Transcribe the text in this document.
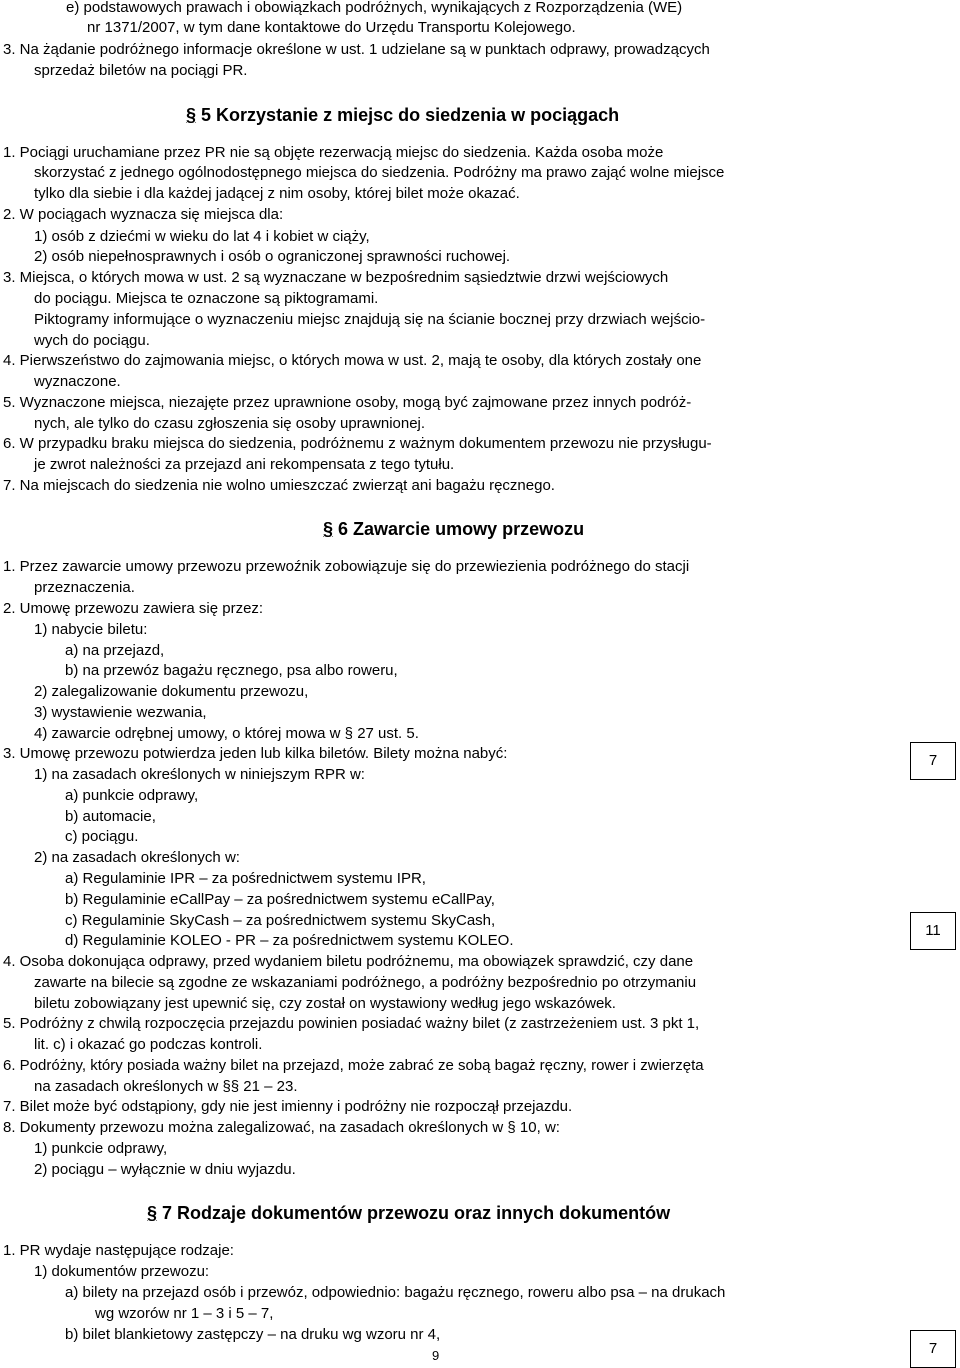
e) podstawowych prawach i obowiązkach podróżnych, wynikających z Rozporządzenia (WE)
nr 1371/2007, w tym dane kontaktowe do Urzędu Transportu Kolejowego.
3. Na żądanie podróżnego informacje określone w ust. 1 udzielane są w punktach odprawy, prowadzących
sprzedaż biletów na pociągi PR.
§ 5 Korzystanie z miejsc do siedzenia w pociągach
1. Pociągi uruchamiane przez PR nie są objęte rezerwacją miejsc do siedzenia. Każda osoba może
skorzystać z jednego ogólnodostępnego miejsca do siedzenia. Podróżny ma prawo zająć wolne miejsce
tylko dla siebie i dla każdej jadącej z nim osoby, której bilet może okazać.
2. W pociągach wyznacza się miejsca dla:
1) osób z dziećmi w wieku do lat 4 i kobiet w ciąży,
2) osób niepełnosprawnych i osób o ograniczonej sprawności ruchowej.
3. Miejsca, o których mowa w ust. 2 są wyznaczane w bezpośrednim sąsiedztwie drzwi wejściowych
do pociągu. Miejsca te oznaczone są piktogramami.
Piktogramy informujące o wyznaczeniu miejsc znajdują się na ścianie bocznej przy drzwiach wejścio-
wych do pociągu.
4. Pierwszeństwo do zajmowania miejsc, o których mowa w ust. 2, mają te osoby, dla których zostały one
wyznaczone.
5. Wyznaczone miejsca, niezajęte przez uprawnione osoby, mogą być zajmowane przez innych podróż-
nych, ale tylko do czasu zgłoszenia się osoby uprawnionej.
6. W przypadku braku miejsca do siedzenia, podróżnemu z ważnym dokumentem przewozu nie przysługu-
je zwrot należności za przejazd ani rekompensata z tego tytułu.
7. Na miejscach do siedzenia nie wolno umieszczać zwierząt ani bagażu ręcznego.
§ 6 Zawarcie umowy przewozu
1. Przez zawarcie umowy przewozu przewoźnik zobowiązuje się do przewiezienia podróżnego do stacji
przeznaczenia.
2. Umowę przewozu zawiera się przez:
1) nabycie biletu:
a) na przejazd,
b) na przewóz bagażu ręcznego, psa albo roweru,
2) zalegalizowanie dokumentu przewozu,
3) wystawienie wezwania,
4) zawarcie odrębnej umowy, o której mowa w § 27 ust. 5.
3. Umowę przewozu potwierdza jeden lub kilka biletów. Bilety można nabyć:
1) na zasadach określonych w niniejszym RPR w:
a) punkcie odprawy,
b) automacie,
c) pociągu.
2) na zasadach określonych w:
a) Regulaminie IPR – za pośrednictwem systemu IPR,
b) Regulaminie eCallPay – za pośrednictwem systemu eCallPay,
c) Regulaminie SkyCash – za pośrednictwem systemu SkyCash,
d) Regulaminie KOLEO - PR – za pośrednictwem systemu KOLEO.
4. Osoba dokonująca odprawy, przed wydaniem biletu podróżnemu, ma obowiązek sprawdzić, czy dane
zawarte na bilecie są zgodne ze wskazaniami podróżnego, a podróżny bezpośrednio po otrzymaniu
biletu zobowiązany jest upewnić się, czy został on wystawiony według jego wskazówek.
5. Podróżny z chwilą rozpoczęcia przejazdu powinien posiadać ważny bilet (z zastrzeżeniem ust. 3 pkt 1,
lit. c) i okazać go podczas kontroli.
6. Podróżny, który posiada ważny bilet na przejazd, może zabrać ze sobą bagaż ręczny, rower i zwierzęta
na zasadach określonych w §§ 21 – 23.
7. Bilet może być odstąpiony, gdy nie jest imienny i podróżny nie rozpoczął przejazdu.
8. Dokumenty przewozu można zalegalizować, na zasadach określonych w § 10, w:
1) punkcie odprawy,
2) pociągu – wyłącznie w dniu wyjazdu.
§ 7 Rodzaje dokumentów przewozu oraz innych dokumentów
1. PR wydaje następujące rodzaje:
1) dokumentów przewozu:
a) bilety na przejazd osób i przewóz, odpowiednio: bagażu ręcznego, roweru albo psa – na drukach
wg wzorów nr 1 – 3 i 5 – 7,
b) bilet blankietowy zastępczy – na druku wg wzoru nr 4,
7
11
7
9
